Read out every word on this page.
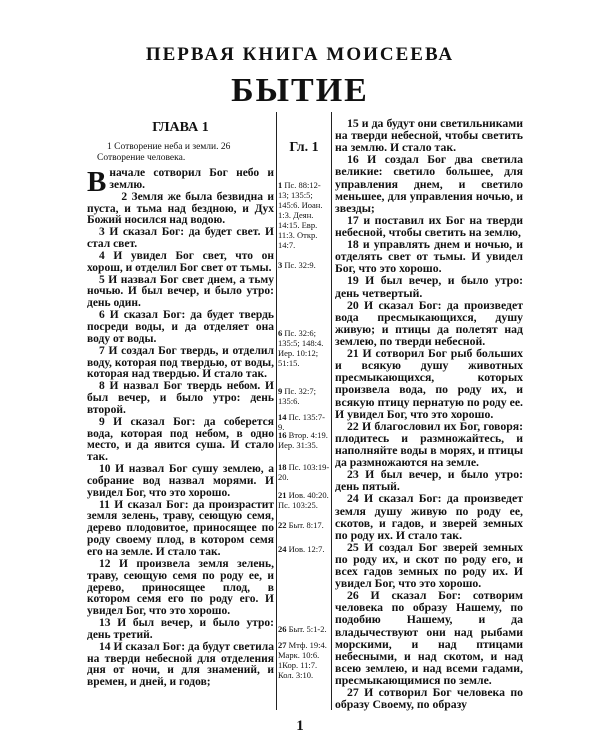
ПЕРВАЯ КНИГА МОИСЕЕВА
БЫТИЕ
ГЛАВА 1
1 Сотворение неба и земли. 26 Сотворение человека.

Вначале сотворил Бог небо и землю.

2 Земля же была безвидна и пуста, и тьма над бездною, и Дух Божий носился над водою.

3 И сказал Бог: да будет свет. И стал свет.

4 И увидел Бог свет, что он хорош, и отделил Бог свет от тьмы.

5 И назвал Бог свет днем, а тьму ночью. И был вечер, и было утро: день один.

6 И сказал Бог: да будет твердь посреди воды, и да отделяет она воду от воды.

7 И создал Бог твердь, и отделил воду, которая под твердью, от воды, которая над твердью. И стало так.

8 И назвал Бог твердь небом. И был вечер, и было утро: день второй.

9 И сказал Бог: да соберется вода, которая под небом, в одно место, и да явится суша. И стало так.

10 И назвал Бог сушу землею, а собрание вод назвал морями. И увидел Бог, что это хорошо.

11 И сказал Бог: да произрастит земля зелень, траву, сеющую семя, дерево плодовитое, приносящее по роду своему плод, в котором семя его на земле. И стало так.

12 И произвела земля зелень, траву, сеющую семя по роду ее, и дерево, приносящее плод, в котором семя его по роду его. И увидел Бог, что это хорошо.

13 И был вечер, и было утро: день третий.

14 И сказал Бог: да будут светила на тверди небесной для отделения дня от ночи, и для знамений, и времен, и дней, и годов;

Гл. 1
1 Пс. 88:12-13; 135:5; 145:6. Иоан. 1:3. Деян. 14:15. Евр. 11:3. Откр. 14:7.
3 Пс. 32:9.
6 Пс. 32:6; 135:5; 148:4. Иер. 10:12; 51:15.
9 Пс. 32:7; 135:6.
14 Пс. 135:7-9.
16 Втор. 4:19. Иер. 31:35.
18 Пс. 103:19-20.
21 Иов. 40:20. Пс. 103:25.
22 Быт. 8:17.
24 Иов. 12:7.
26 Быт. 5:1-2.
27 Мтф. 19:4. Марк. 10:6. 1Кор. 11:7. Кол. 3:10.

15 и да будут они светильниками на тверди небесной, чтобы светить на землю. И стало так.

16 И создал Бог два светила великие: светило большее, для управления днем, и светило меньшее, для управления ночью, и звезды;

17 и поставил их Бог на тверди небесной, чтобы светить на землю,

18 и управлять днем и ночью, и отделять свет от тьмы. И увидел Бог, что это хорошо.

19 И был вечер, и было утро: день четвертый.

20 И сказал Бог: да произведет вода пресмыкающихся, душу живую; и птицы да полетят над землею, по тверди небесной.

21 И сотворил Бог рыб больших и всякую душу животных пресмыкающихся, которых произвела вода, по роду их, и всякую птицу пернатую по роду ее. И увидел Бог, что это хорошо.

22 И благословил их Бог, говоря: плодитесь и размножайтесь, и наполняйте воды в морях, и птицы да размножаются на земле.

23 И был вечер, и было утро: день пятый.

24 И сказал Бог: да произведет земля душу живую по роду ее, скотов, и гадов, и зверей земных по роду их. И стало так.

25 И создал Бог зверей земных по роду их, и скот по роду его, и всех гадов земных по роду их. И увидел Бог, что это хорошо.

26 И сказал Бог: сотворим человека по образу Нашему, по подобию Нашему, и да владычествуют они над рыбами морскими, и над птицами небесными, и над скотом, и над всею землею, и над всеми гадами, пресмыкающимися по земле.

27 И сотворил Бог человека по образу Своему, по образу

1
